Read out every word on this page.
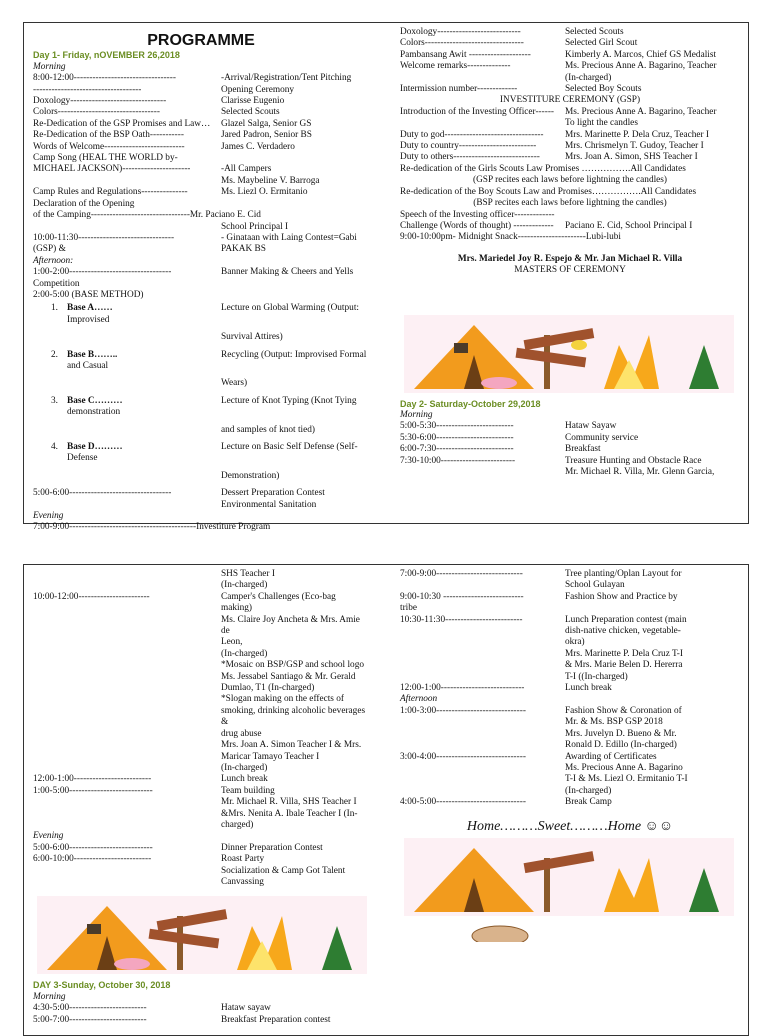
PROGRAMME
Day 1- Friday, nOVEMBER 26,2018
Morning
8:00-12:00---------------------------------	-Arrival/Registration/Tent Pitching
-----------------------------------	Opening Ceremony
Doxology-------------------------------	Clarisse Eugenio
Colors---------------------------------	Selected Scouts
Re-Dedication of the GSP Promises and Law…	Glazel Salga, Senior GS
Re-Dedication of the BSP Oath-----------	Jared Padron, Senior BS
Words of Welcome--------------------------	James C. Verdadero
Camp Song (HEAL THE WORLD by-
MICHAEL JACKSON)----------------------	-All Campers
Ms. Maybeline V. Barroga
Camp Rules and Regulations---------------	Ms. Liezl O. Ermitanio
Declaration of the Opening
of the Camping------------------------------- -Mr. Paciano E. Cid
School Principal I
10:00-11:30-------------------------------	- Ginataan with Laing Contest=Gabi
(GSP) &	PAKAK BS
Afternoon:
1:00-2:00---------------------------------	Banner Making & Cheers and Yells
Competition
2:00-5:00 (BASE METHOD)
1. Base A……	Lecture on Global Warming (Output:
Improvised
Survival Attires)
2. Base B……..	Recycling (Output: Improvised Formal
and Casual
Wears)
3. Base C………	Lecture of Knot Typing (Knot Tying
demonstration
and samples of knot tied)
4. Base D………	Lecture on Basic Self Defense (Self-
Defense
Demonstration)
5:00-6:00---------------------------------	Dessert Preparation Contest
Environmental Sanitation
Evening
7:00-9:00----------------------------------------- Investiture Program
Doxology---------------------------	Selected Scouts
Colors--------------------------------	Selected Girl Scout
Pambansang Awit --------------------	Kimberly A. Marcos, Chief GS Medalist
Welcome remarks--------------	Ms. Precious Anne A. Bagarino, Teacher
(In-charged)
Intermission number-------------	Selected Boy Scouts
INVESTITURE CEREMONY (GSP)
Introduction of the Investing Officer------	Ms. Precious Anne A. Bagarino, Teacher
To light the candles
Duty to god--------------------------------	Mrs. Marinette P. Dela Cruz, Teacher I
Duty to country-------------------------	Mrs. Chrismelyn T. Gudoy, Teacher I
Duty to others----------------------------	Mrs. Joan A. Simon, SHS Teacher I
Re-dedication of the Girls Scouts Law Promises ……………. All Candidates
(GSP recites each laws before lightning the candles)
Re-dedication of the Boy Scouts Law and Promises……………. All Candidates
(BSP recites each laws before lightning the candles)
Speech of the Investing officer-------------
Challenge (Words of thought) -------------	Paciano E. Cid, School Principal I
9:00-10:00pm- Midnight Snack---------------------- Lubi-lubi
Mrs. Mariedel Joy R. Espejo & Mr. Jan Michael R. Villa
MASTERS OF CEREMONY
Day 2- Saturday-October 29,2018
Morning
5:00-5:30-------------------------	Hataw Sayaw
5:30-6:00-------------------------	Community service
6:00-7:30-------------------------	Breakfast
7:30-10:00------------------------	Treasure Hunting and Obstacle Race
Mr. Michael R. Villa, Mr. Glenn Garcia,
SHS Teacher I
(In-charged)
10:00-12:00-----------------------	Camper's Challenges (Eco-bag making)
Ms. Claire Joy Ancheta & Mrs. Amie de
Leon,
(In-charged)
*Mosaic on BSP/GSP and school logo
Ms. Jessabel Santiago & Mr. Gerald
Dumlao, T1 (In-charged)
*Slogan making on the effects of
smoking, drinking alcoholic beverages &
drug abuse
Mrs. Joan A. Simon Teacher I & Mrs.
Maricar Tamayo Teacher I
(In-charged)
12:00-1:00-------------------------	Lunch break
1:00-5:00---------------------------	Team building
Mr. Michael R. Villa, SHS Teacher I
&Mrs. Nenita A. Ibale Teacher I (In-
charged)
Evening
5:00-6:00---------------------------	Dinner Preparation Contest
6:00-10:00-------------------------	Roast Party
Socialization & Camp Got Talent
Canvassing
DAY 3-Sunday, October 30, 2018
Morning
4:30-5:00-------------------------	Hataw sayaw
5:00-7:00-------------------------	Breakfast Preparation contest
7:00-9:00----------------------------	Tree planting/Oplan Layout for
School Gulayan
9:00-10:30 --------------------------	Fashion Show and Practice by
tribe
10:30-11:30-------------------------	Lunch Preparation contest (main
dish-native chicken, vegetable-
okra)
Mrs. Marinette P. Dela Cruz T-I
& Mrs. Marie Belen D. Hererra
T-I ((In-charged)
12:00-1:00---------------------------	Lunch break
Afternoon
1:00-3:00-----------------------------	Fashion Show & Coronation of
Mr. & Ms. BSP GSP 2018
Mrs. Juvelyn D. Bueno & Mr.
Ronald D. Edillo (In-charged)
3:00-4:00-----------------------------	Awarding of Certificates
Ms. Precious Anne A. Bagarino
T-I & Ms. Liezl O. Ermitanio T-I
(In-charged)
4:00-5:00-----------------------------	Break Camp
Home………Sweet………Home ☺☺
